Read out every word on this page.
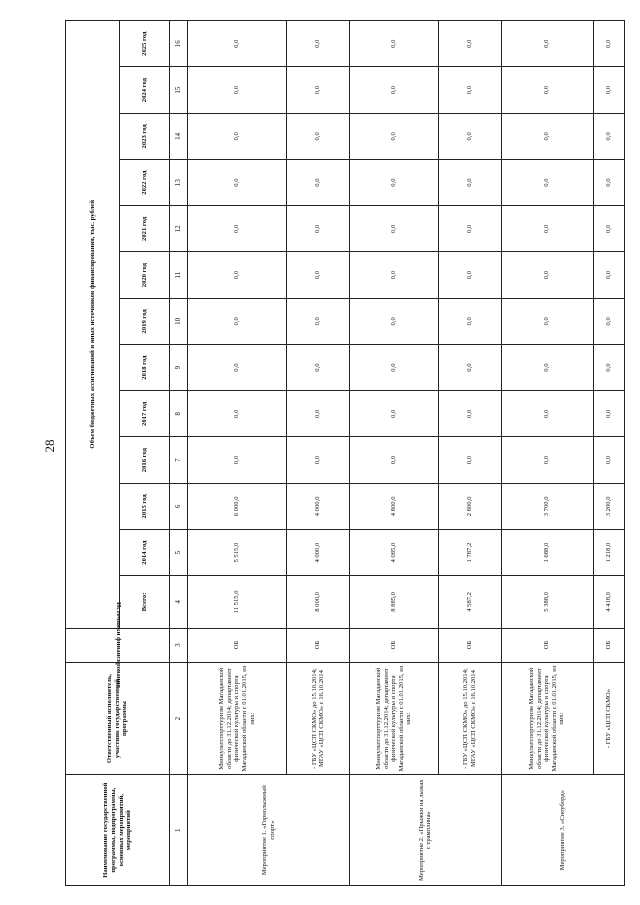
28
Наименование государственной программы, подпрограммы, основных мероприятий, мероприятий	Ответственный исполнитель, участник государственной программы	Источники финансирования	Объем бюджетных ассигнований и иных источников финансирования, тыс. рублей												
			Всего:	2014 год	2015 год	2016 год	2017 год	2018 год	2019 год	2020 год	2021 год	2022 год	2023 год	2024 год	2025 год
1	2	3	4	5	6	7	8	9	10	11	12	13	14	15	16
Мероприятие 1. «Горнолыжный спорт»	Минкультспорттуризм Магаданской области до 31.12.2014; департамент физической культуры и спорта Магаданской области с 01.01.2015, из них:	ОБ	11 515,0	5 515,0	6 000,0	0,0	0,0	0,0	0,0	0,0	0,0	0,0	0,0	0,0	0,0
	- ГБУ «ЦСП СКМО» до 15.10.2014; МГАУ «ЦСП СКМО» с 16.10.2014	ОБ	8 000,0	4 000,0	4 000,0	0,0	0,0	0,0	0,0	0,0	0,0	0,0	0,0	0,0	0,0
Мероприятие 2. «Прыжки на лыжах с трамплина»	Минкультспорттуризм Магаданской области до 31.12.2014; департамент физической культуры и спорта Магаданской области с 01.01.2015, из них:	ОБ	8 885,0	4 085,0	4 800,0	0,0	0,0	0,0	0,0	0,0	0,0	0,0	0,0	0,0	0,0
	- ГБУ «ЦСП СКМО» до 15.10.2014; МГАУ «ЦСП СКМО» с 16.10.2014	ОБ	4 587,2	1 787,2	2 800,0	0,0	0,0	0,0	0,0	0,0	0,0	0,0	0,0	0,0	0,0
Мероприятие 3. «Сноуборд»	Минкультспорттуризм Магаданской области до 31.12.2014; департамент физической культуры и спорта Магаданской области с 01.01.2015, из них:	ОБ	5 388,0	1 688,0	3 700,0	0,0	0,0	0,0	0,0	0,0	0,0	0,0	0,0	0,0	0,0
	- ГБУ «ЦСП СКМО»	ОБ	4 418,0	1 218,0	3 200,0	0,0	0,0	0,0	0,0	0,0	0,0	0,0	0,0	0,0	0,0
